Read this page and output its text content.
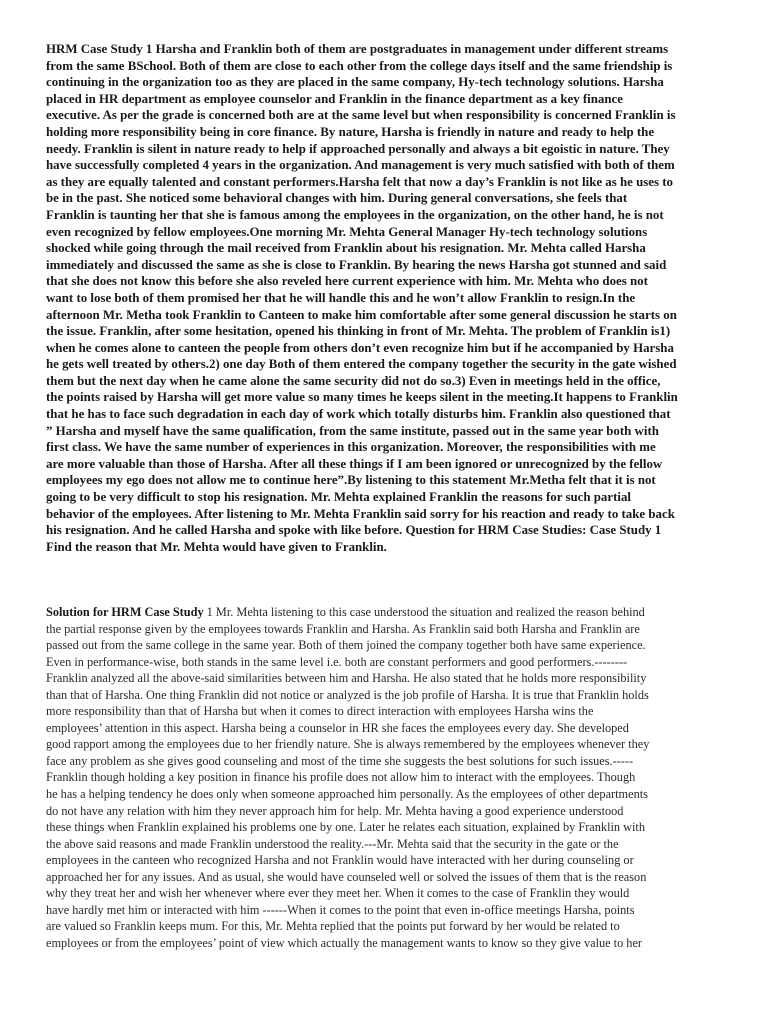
HRM Case Study 1 Harsha and Franklin both of them are postgraduates in management under different streams
from the same BSchool. Both of them are close to each other from the college days itself and the same friendship is
continuing in the organization too as they are placed in the same company, Hy-tech technology solutions. Harsha
placed in HR department as employee counselor and Franklin in the finance department as a key finance
executive. As per the grade is concerned both are at the same level but when responsibility is concerned Franklin is
holding more responsibility being in core finance. By nature, Harsha is friendly in nature and ready to help the
needy. Franklin is silent in nature ready to help if approached personally and always a bit egoistic in nature. They
have successfully completed 4 years in the organization. And management is very much satisfied with both of them
as they are equally talented and constant performers.Harsha felt that now a day’s Franklin is not like as he uses to
be in the past. She noticed some behavioral changes with him. During general conversations, she feels that
Franklin is taunting her that she is famous among the employees in the organization, on the other hand, he is not
even recognized by fellow employees.One morning Mr. Mehta General Manager Hy-tech technology solutions
shocked while going through the mail received from Franklin about his resignation. Mr. Mehta called Harsha
immediately and discussed the same as she is close to Franklin. By hearing the news Harsha got stunned and said
that she does not know this before she also reveled here current experience with him. Mr. Mehta who does not
want to lose both of them promised her that he will handle this and he won’t allow Franklin to resign.In the
afternoon Mr. Metha took Franklin to Canteen to make him comfortable after some general discussion he starts on
the issue. Franklin, after some hesitation, opened his thinking in front of Mr. Mehta. The problem of Franklin is1)
when he comes alone to canteen the people from others don’t even recognize him but if he accompanied by Harsha
he gets well treated by others.2) one day Both of them entered the company together the security in the gate wished
them but the next day when he came alone the same security did not do so.3) Even in meetings held in the office,
the points raised by Harsha will get more value so many times he keeps silent in the meeting.It happens to Franklin
that he has to face such degradation in each day of work which totally disturbs him. Franklin also questioned that
” Harsha and myself have the same qualification, from the same institute, passed out in the same year both with
first class. We have the same number of experiences in this organization. Moreover, the responsibilities with me
are more valuable than those of Harsha. After all these things if I am been ignored or unrecognized by the fellow
employees my ego does not allow me to continue here”.By listening to this statement Mr.Metha felt that it is not
going to be very difficult to stop his resignation. Mr. Mehta explained Franklin the reasons for such partial
behavior of the employees. After listening to Mr. Mehta Franklin said sorry for his reaction and ready to take back
his resignation. And he called Harsha and spoke with like before. Question for HRM Case Studies: Case Study 1
Find the reason that Mr. Mehta would have given to Franklin.
Solution for HRM Case Study 1 Mr. Mehta listening to this case understood the situation and realized the reason behind
the partial response given by the employees towards Franklin and Harsha. As Franklin said both Harsha and Franklin are
passed out from the same college in the same year. Both of them joined the company together both have same experience.
Even in performance-wise, both stands in the same level i.e. both are constant performers and good performers.--------
Franklin analyzed all the above-said similarities between him and Harsha. He also stated that he holds more responsibility
than that of Harsha. One thing Franklin did not notice or analyzed is the job profile of Harsha. It is true that Franklin holds
more responsibility than that of Harsha but when it comes to direct interaction with employees Harsha wins the
employees’ attention in this aspect. Harsha being a counselor in HR she faces the employees every day. She developed
good rapport among the employees due to her friendly nature. She is always remembered by the employees whenever they
face any problem as she gives good counseling and most of the time she suggests the best solutions for such issues.-----
Franklin though holding a key position in finance his profile does not allow him to interact with the employees. Though
he has a helping tendency he does only when someone approached him personally. As the employees of other departments
do not have any relation with him they never approach him for help. Mr. Mehta having a good experience understood
these things when Franklin explained his problems one by one. Later he relates each situation, explained by Franklin with
the above said reasons and made Franklin understood the reality.---Mr. Mehta said that the security in the gate or the
employees in the canteen who recognized Harsha and not Franklin would have interacted with her during counseling or
approached her for any issues. And as usual, she would have counseled well or solved the issues of them that is the reason
why they treat her and wish her whenever where ever they meet her. When it comes to the case of Franklin they would
have hardly met him or interacted with him ------When it comes to the point that even in-office meetings Harsha, points
are valued so Franklin keeps mum. For this, Mr. Mehta replied that the points put forward by her would be related to
employees or from the employees’ point of view which actually the management wants to know so they give value to her
